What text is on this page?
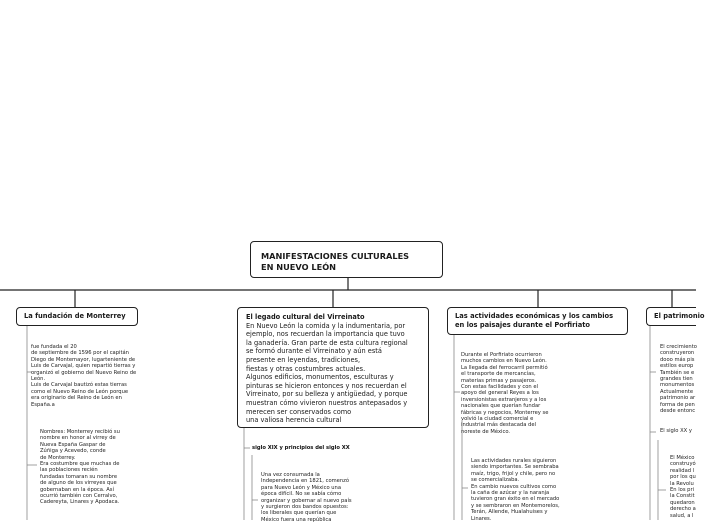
MANIFESTACIONES CULTURALES
EN NUEVO LEÓN
La fundación de Monterrey
fue fundada el 20
de septiembre de 1596 por el capitán
Diego de Montemayor, lugarteniente de
Luis de Carvajal, quien repartió tierras y
organizó el gobierno del Nuevo Reino de
León.
Luis de Carvajal bautizó estas tierras
como el Nuevo Reino de León porque
era originario del Reino de León en
España.a
Nombres: Monterrey recibió su
nombre en honor al virrey de
Nueva España Gaspar de
Zúñiga y Acevedo, conde
de Monterrey.
Era costumbre que muchas de
las poblaciones recién
fundadas tomaran su nombre
de alguno de los virreyes que
gobernaban en la época. Así
ocurrió también con Cerralvo,
Cadereyta, Linares y Apodaca.
El legado cultural del Virreinato
En Nuevo León la comida y la indumentaria, por
ejemplo, nos recuerdan la importancia que tuvo
la ganadería. Gran parte de esta cultura regional
se formó durante el Virreinato y aún está
presente en leyendas, tradiciones,
fiestas y otras costumbres actuales.
Algunos edificios, monumentos, esculturas y
pinturas se hicieron entonces y nos recuerdan el
Virreinato, por su belleza y antigüedad, y porque
muestran cómo vivieron nuestros antepasados y
merecen ser conservados como
una valiosa herencia cultural
siglo XIX y principios del siglo XX
Una vez consumada la
Independencia en 1821, comenzó
para Nuevo León y México una
época difícil. No se sabía cómo
organizar y gobernar al nuevo país
y surgieron dos bandos opuestos:
los liberales que querían que
México fuera una república
Las actividades económicas y los cambios
en los paisajes durante el Porfiriato
Durante el Porfiriato ocurrieron
muchos cambios en Nuevo León.
La llegada del ferrocarril permitió
el transporte de mercancías,
materias primas y pasajeros.
Con estas facilidades y con el
apoyo del general Reyes a los
inversionistas extranjeros y a los
nacionales que querían fundar
fábricas y negocios, Monterrey se
volvió la ciudad comercial e
industrial más destacada del
noreste de México.
Las actividades rurales siguieron
siendo importantes. Se sembraba
maíz, trigo, frijol y chile, pero no
se comercializaba.
En cambio nuevos cultivos como
la caña de azúcar y la naranja
tuvieron gran éxito en el mercado
y se sembraron en Montemorelos,
Terán, Allende, Hualahuises y
Linares.
El patrimonio
El crecimiento
construyeron
dooo más pis
estilos europ
También se e
grandes tien
monumentos
Actualmente
patrimonio ar
forma de pen
desde entonc
El siglo XX y
El México
construyó
realidad l
por los qu
la Revolu
En los pri
la Constit
quedaron
derecho a
salud, a l
